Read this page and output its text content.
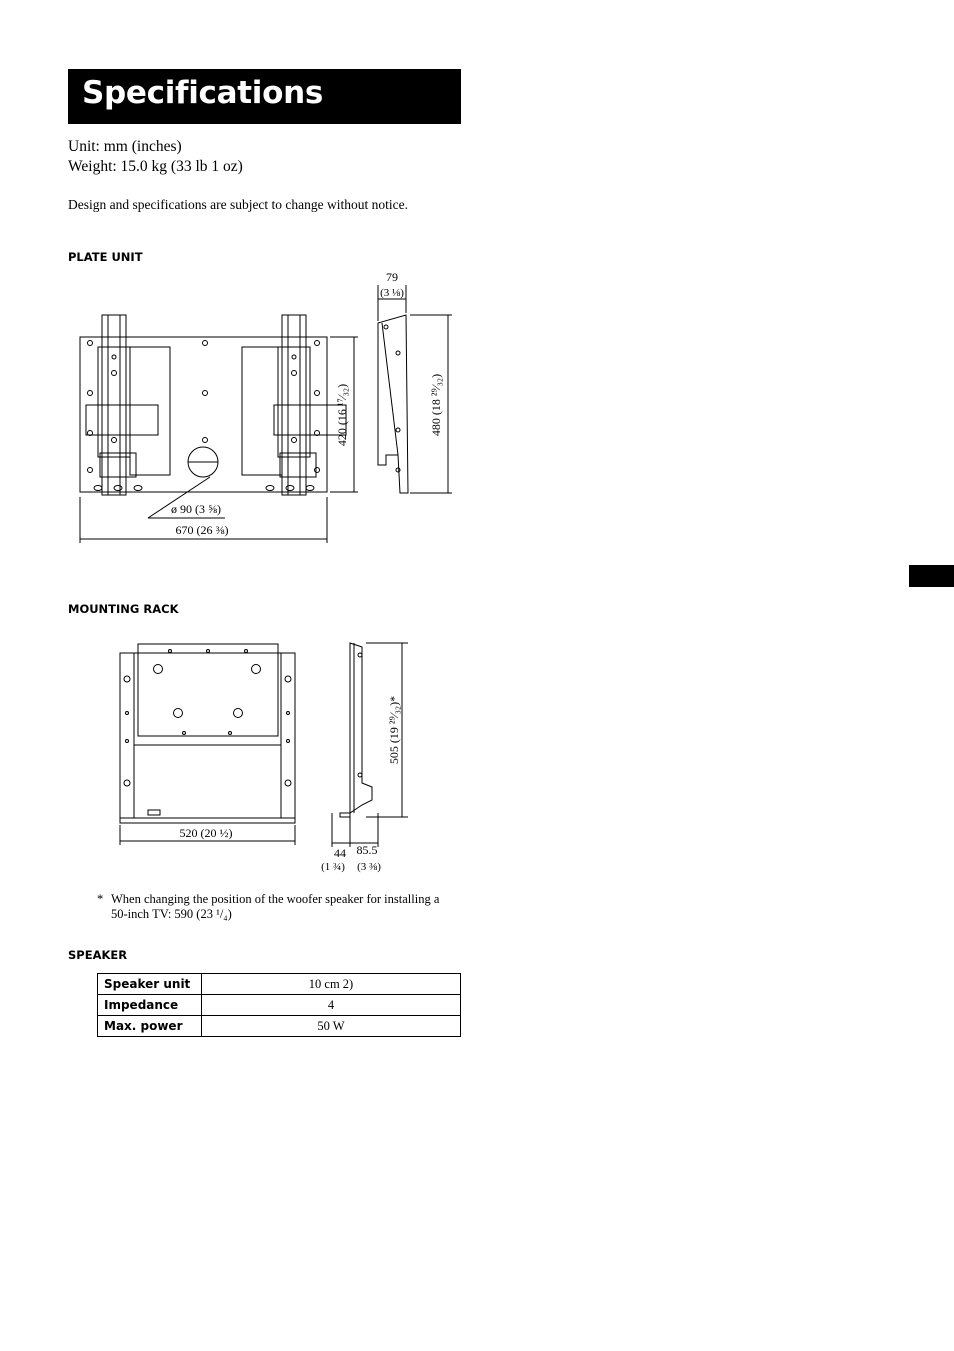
Specifications
Unit: mm (inches)
Weight: 15.0 kg (33 lb 1 oz)
Design and specifications are subject to change without notice.
PLATE UNIT
79
(3 ⅛)
420 (16 ¹⁷⁄₃₂)	480 (18 ²⁹⁄₃₂)
ø 90 (3 ⅝)
670 (26 ⅜)
MOUNTING RACK
520 (20 ½)
505 (19 ²⁹⁄₃₂)*
44
(1 ¾)
85.5
(3 ⅜)
* When changing the position of the woofer speaker for installing a 50-inch TV: 590 (23 ¹/₄)
SPEAKER
Speaker unit	10 cm 2)
Impedance	4
Max. power	50 W
